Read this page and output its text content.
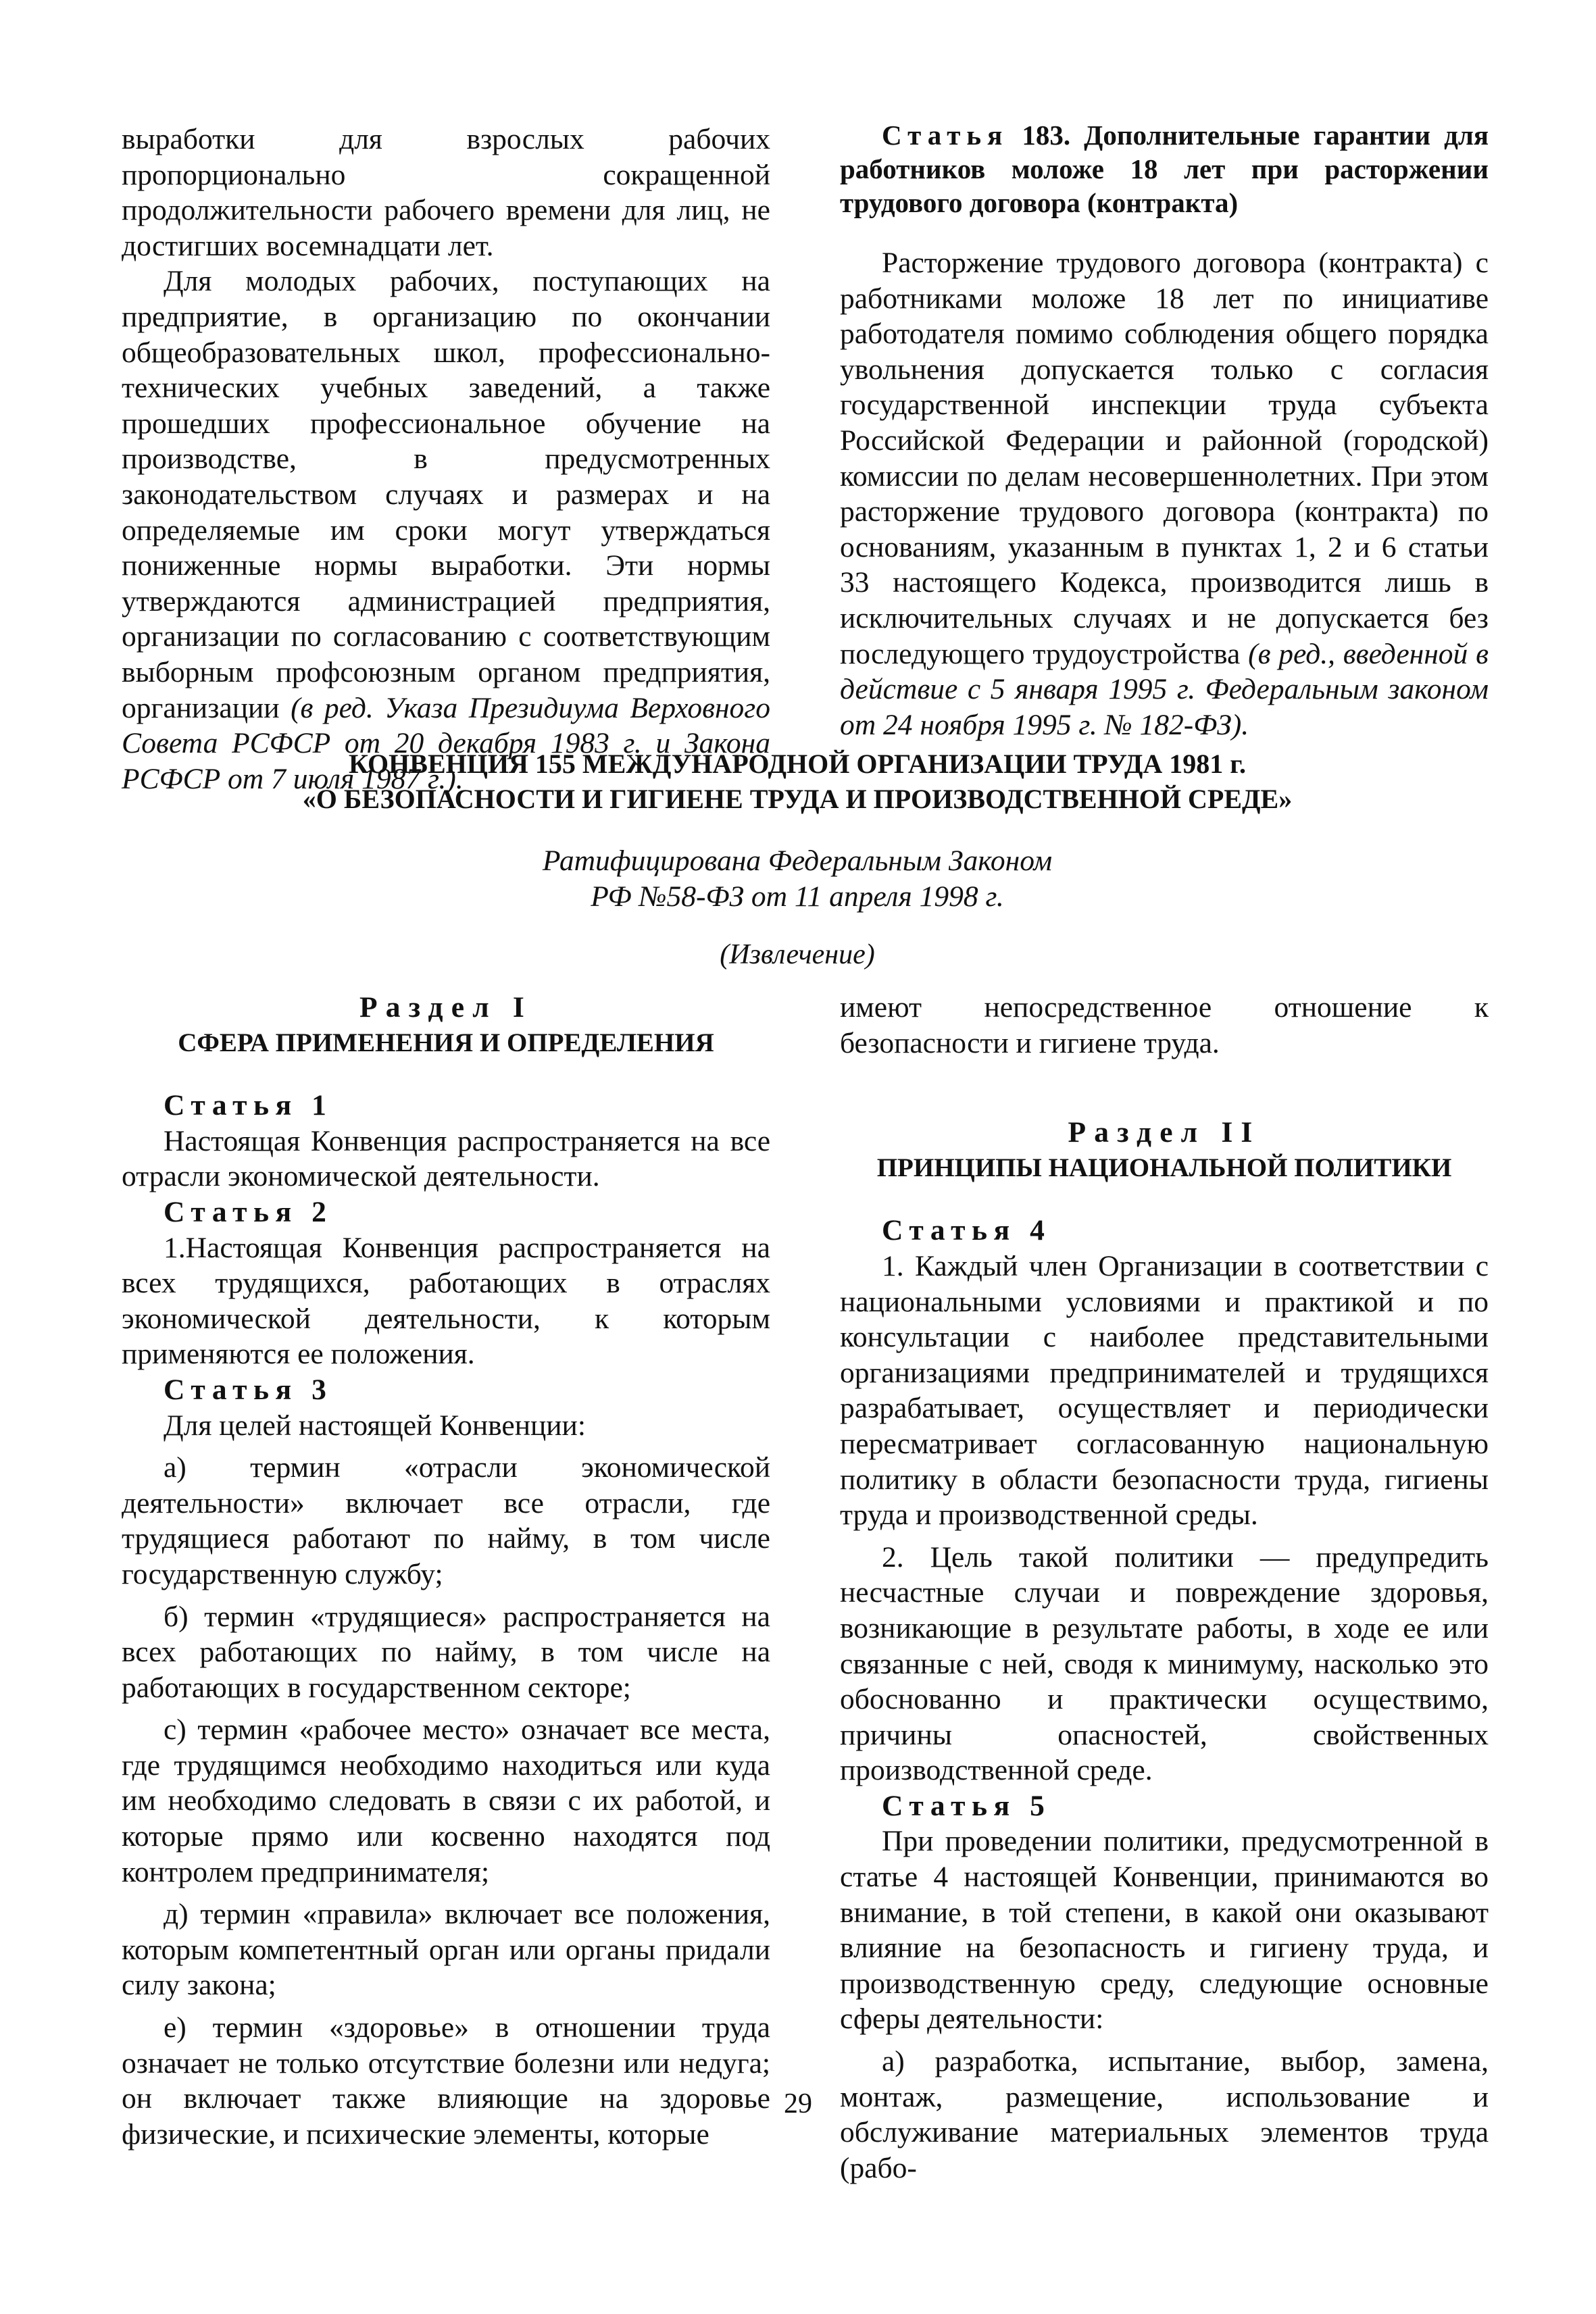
выработки для взрослых рабочих пропорционально сокращенной продолжительности рабочего времени для лиц, не достигших восемнадцати лет.

Для молодых рабочих, поступающих на предприятие, в организацию по окончании общеобразовательных школ, профессионально-технических учебных заведений, а также прошедших профессиональное обучение на производстве, в предусмотренных законодательством случаях и размерах и на определяемые им сроки могут утверждаться пониженные нормы выработки. Эти нормы утверждаются администрацией предприятия, организации по согласованию с соответствующим выборным профсоюзным органом предприятия, организации (в ред. Указа Президиума Верховного Совета РСФСР от 20 декабря 1983 г. и Закона РСФСР от 7 июля 1987 г.).

Статья 183. Дополнительные гарантии для работников моложе 18 лет при расторжении трудового договора (контракта)

Расторжение трудового договора (контракта) с работниками моложе 18 лет по инициативе работодателя помимо соблюдения общего порядка увольнения допускается только с согласия государственной инспекции труда субъекта Российской Федерации и районной (городской) комиссии по делам несовершеннолетних. При этом расторжение трудового договора (контракта) по основаниям, указанным в пунктах 1, 2 и 6 статьи 33 настоящего Кодекса, производится лишь в исключительных случаях и не допускается без последующего трудоустройства (в ред., введенной в действие с 5 января 1995 г. Федеральным законом от 24 ноября 1995 г. № 182-ФЗ).

КОНВЕНЦИЯ 155 МЕЖДУНАРОДНОЙ ОРГАНИЗАЦИИ ТРУДА 1981 г.
«О БЕЗОПАСНОСТИ И ГИГИЕНЕ ТРУДА И ПРОИЗВОДСТВЕННОЙ СРЕДЕ»
Ратифицирована Федеральным Законом
РФ №58-ФЗ от 11 апреля 1998 г.
(Извлечение)

Раздел I

СФЕРА ПРИМЕНЕНИЯ И ОПРЕДЕЛЕНИЯ

Статья 1

Настоящая Конвенция распространяется на все отрасли экономической деятельности.

Статья 2

1.Настоящая Конвенция распространяется на всех трудящихся, работающих в отраслях экономической деятельности, к которым применяются ее положения.

Статья 3

Для целей настоящей Конвенции:

а) термин «отрасли экономической деятельности» включает все отрасли, где трудящиеся работают по найму, в том числе государственную службу;

б) термин «трудящиеся» распространяется на всех работающих по найму, в том числе на работающих в государственном секторе;

с) термин «рабочее место» означает все места, где трудящимся необходимо находиться или куда им необходимо следовать в связи с их работой, и которые прямо или косвенно находятся под контролем предпринимателя;

д) термин «правила» включает все положения, которым компетентный орган или органы придали силу закона;

е) термин «здоровье» в отношении труда означает не только отсутствие болезни или недуга; он включает также влияющие на здоровье физические, и психические элементы, которые

имеют непосредственное отношение к безопасности и гигиене труда.

Раздел II

ПРИНЦИПЫ НАЦИОНАЛЬНОЙ ПОЛИТИКИ

Статья 4

1. Каждый член Организации в соответствии с национальными условиями и практикой и по консультации с наиболее представительными организациями предпринимателей и трудящихся разрабатывает, осуществляет и периодически пересматривает согласованную национальную политику в области безопасности труда, гигиены труда и производственной среды.

2. Цель такой политики — предупредить несчастные случаи и повреждение здоровья, возникающие в результате работы, в ходе ее или связанные с ней, сводя к минимуму, насколько это обоснованно и практически осуществимо, причины опасностей, свойственных производственной среде.

Статья 5

При проведении политики, предусмотренной в статье 4 настоящей Конвенции, принимаются во внимание, в той степени, в какой они оказывают влияние на безопасность и гигиену труда, и производственную среду, следующие основные сферы деятельности:

а) разработка, испытание, выбор, замена, монтаж, размещение, использование и обслуживание материальных элементов труда (рабо-

29
